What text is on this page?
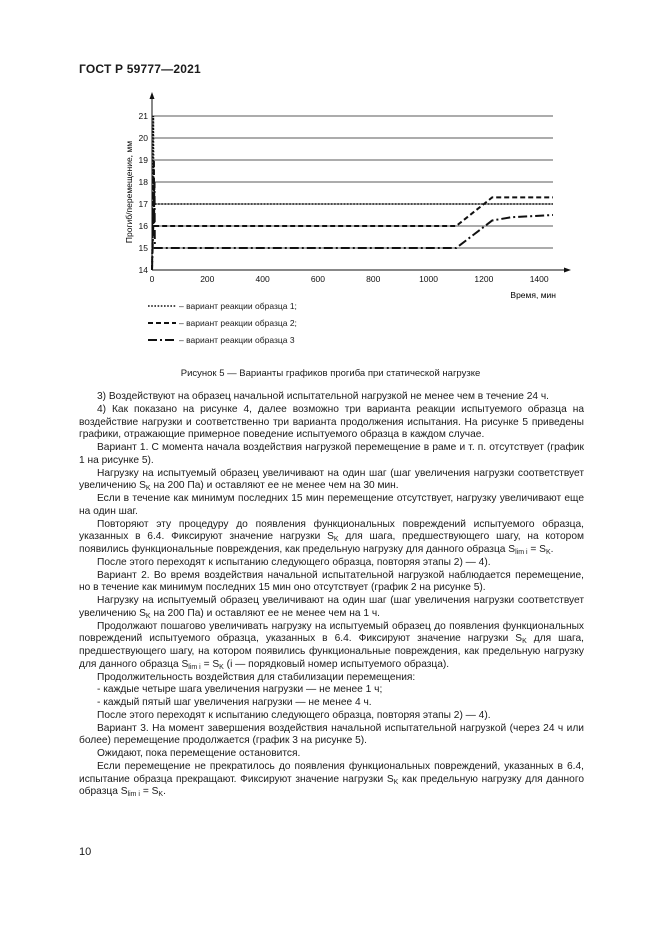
ГОСТ Р 59777—2021
14
15
16
17
18
19
20
21
0	200	400	600	800	1000	1200	1400
Прогиб/перемещение, мм
Время, мин
– вариант реакции образца 1;
– вариант реакции образца 2;
– вариант реакции образца 3
Рисунок 5 — Варианты графиков прогиба при статической нагрузке

3) Воздействуют на образец начальной испытательной нагрузкой не менее чем в течение 24 ч.

4) Как показано на рисунке 4, далее возможно три варианта реакции испытуемого образца на воздействие нагрузки и соответственно три варианта продолжения испытания. На рисунке 5 приведены графики, отражающие примерное поведение испытуемого образца в каждом случае.

Вариант 1. С момента начала воздействия нагрузкой перемещение в раме и т. п. отсутствует (график 1 на рисунке 5).

Нагрузку на испытуемый образец увеличивают на один шаг (шаг увеличения нагрузки соответствует увеличению $S_K$ на 200 Па) и оставляют ее не менее чем на 30 мин.

Если в течение как минимум последних 15 мин перемещение отсутствует, нагрузку увеличивают еще на один шаг.

Повторяют эту процедуру до появления функциональных повреждений испытуемого образца, указанных в 6.4. Фиксируют значение нагрузки $S_K$ для шага, предшествующего шагу, на котором появились функциональные повреждения, как предельную нагрузку для данного образца $S_{lim i} = S_K$.

После этого переходят к испытанию следующего образца, повторяя этапы 2) — 4).

Вариант 2. Во время воздействия начальной испытательной нагрузкой наблюдается перемещение, но в течение как минимум последних 15 мин оно отсутствует (график 2 на рисунке 5).

Нагрузку на испытуемый образец увеличивают на один шаг (шаг увеличения нагрузки соответствует увеличению $S_K$ на 200 Па) и оставляют ее не менее чем на 1 ч.

Продолжают пошагово увеличивать нагрузку на испытуемый образец до появления функциональных повреждений испытуемого образца, указанных в 6.4. Фиксируют значение нагрузки $S_K$ для шага, предшествующего шагу, на котором появились функциональные повреждения, как предельную нагрузку для данного образца $S_{lim i} = S_K$ (i — порядковый номер испытуемого образца).

Продолжительность воздействия для стабилизации перемещения:

- каждые четыре шага увеличения нагрузки — не менее 1 ч;

- каждый пятый шаг увеличения нагрузки — не менее 4 ч.

После этого переходят к испытанию следующего образца, повторяя этапы 2) — 4).

Вариант 3. На момент завершения воздействия начальной испытательной нагрузкой (через 24 ч или более) перемещение продолжается (график 3 на рисунке 5).

Ожидают, пока перемещение остановится.

Если перемещение не прекратилось до появления функциональных повреждений, указанных в 6.4, испытание образца прекращают. Фиксируют значение нагрузки $S_K$ как предельную нагрузку для данного образца $S_{lim i} = S_K$.

10
